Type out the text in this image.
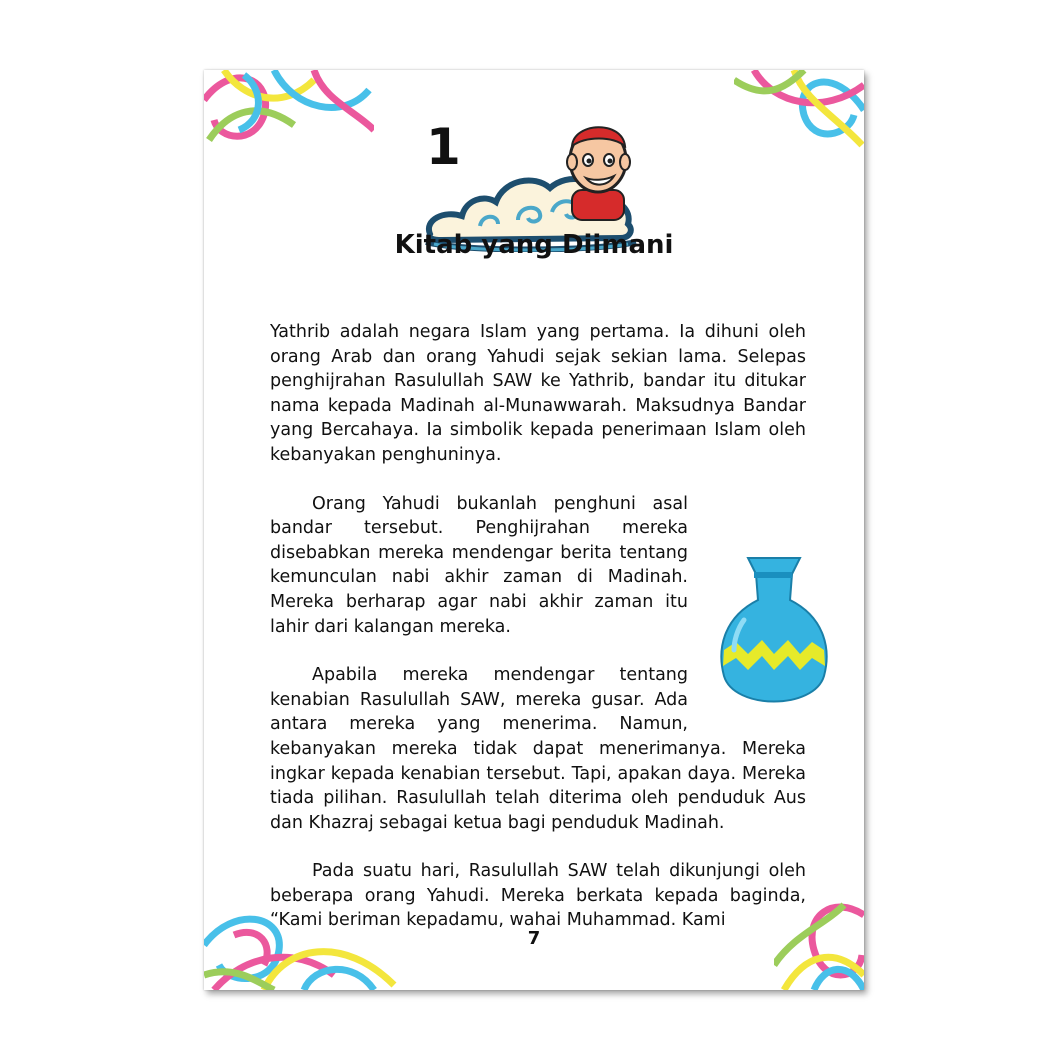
1
Kitab yang Diimani

Yathrib adalah negara Islam yang pertama. Ia dihuni oleh orang Arab dan orang Yahudi sejak sekian lama. Selepas penghijrahan Rasulullah SAW ke Yathrib, bandar itu ditukar nama kepada Madinah al-Munawwarah. Maksudnya Bandar yang Bercahaya. Ia simbolik kepada penerimaan Islam oleh kebanyakan penghuninya.

Orang Yahudi bukanlah penghuni asal bandar tersebut. Penghijrahan mereka disebabkan mereka mendengar berita tentang kemunculan nabi akhir zaman di Madinah. Mereka berharap agar nabi akhir zaman itu lahir dari kalangan mereka.

Apabila mereka mendengar tentang kenabian Rasulullah SAW, mereka gusar. Ada antara mereka yang menerima. Namun, kebanyakan mereka tidak dapat menerimanya. Mereka ingkar kepada kenabian tersebut. Tapi, apakan daya. Mereka tiada pilihan. Rasulullah telah diterima oleh penduduk Aus dan Khazraj sebagai ketua bagi penduduk Madinah.

Pada suatu hari, Rasulullah SAW telah dikunjungi oleh beberapa orang Yahudi. Mereka berkata kepada baginda, “Kami beriman kepadamu, wahai Muhammad. Kami

7
